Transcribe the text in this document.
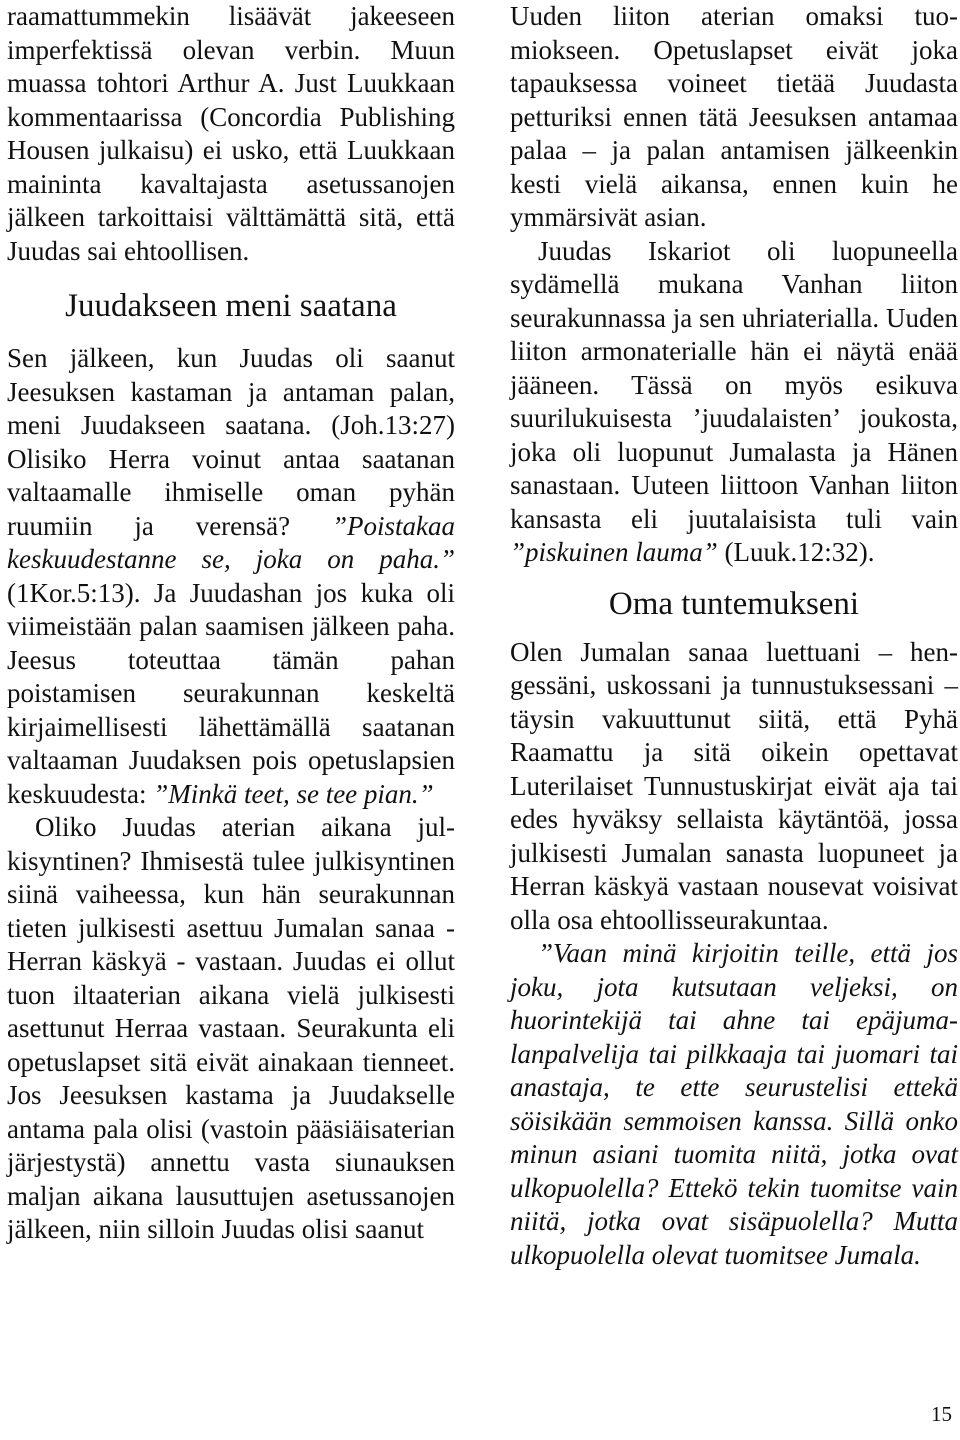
raamattummekin lisäävät jakeeseen imperfektissä olevan verbin. Muun muassa tohtori Arthur A. Just Luukkaan kommentaarissa (Concordia Publishing Housen julkaisu) ei usko, että Luukkaan maininta kavaltajasta asetussanojen jälkeen tarkoittaisi välttämättä sitä, että Juudas sai ehtoollisen.

Juudakseen meni saatana

Sen jälkeen, kun Juudas oli saanut Jeesuksen kastaman ja antaman palan, meni Juudakseen saatana. (Joh.13:27) Olisiko Herra voinut antaa saatanan valtaamalle ihmiselle oman pyhän ruumiin ja verensä? ”Poistakaa keskuudestanne se, joka on paha.” (1Kor.5:13). Ja Juudashan jos kuka oli viimeistään palan saamisen jälkeen paha. Jeesus toteuttaa tämän pahan poistamisen seurakunnan keskeltä kirjaimellisesti lähettämällä saatanan valtaaman Juudaksen pois opetuslapsien keskuudesta: ”Minkä teet, se tee pian.”

Oliko Juudas aterian aikana julkisyntinen? Ihmisestä tulee julkisyntinen siinä vaiheessa, kun hän seurakunnan tieten julkisesti asettuu Jumalan sanaa - Herran käskyä - vastaan. Juudas ei ollut tuon iltaaterian aikana vielä julkisesti asettunut Herraa vastaan. Seurakunta eli opetuslapset sitä eivät ainakaan tienneet. Jos Jeesuksen kastama ja Juudakselle antama pala olisi (vastoin pääsiäisaterian järjestystä) annettu vasta siunauksen maljan aikana lausuttujen asetussanojen jälkeen, niin silloin Juudas olisi saanut

Uuden liiton aterian omaksi tuomiokseen. Opetuslapset eivät joka tapauksessa voineet tietää Juudasta petturiksi ennen tätä Jeesuksen antamaa palaa – ja palan antamisen jälkeenkin kesti vielä aikansa, ennen kuin he ymmärsivät asian.

Juudas Iskariot oli luopuneella sydämellä mukana Vanhan liiton seurakunnassa ja sen uhriaterialla. Uuden liiton armonaterialle hän ei näytä enää jääneen. Tässä on myös esikuva suurilukuisesta ’juudalaisten’ joukosta, joka oli luopunut Jumalasta ja Hänen sanastaan. Uuteen liittoon Vanhan liiton kansasta eli juutalaisista tuli vain ”piskuinen lauma” (Luuk.12:32).

Oma tuntemukseni

Olen Jumalan sanaa luettuani – hengessäni, uskossani ja tunnustuksessani – täysin vakuuttunut siitä, että Pyhä Raamattu ja sitä oikein opettavat Luterilaiset Tunnustuskirjat eivät aja tai edes hyväksy sellaista käytäntöä, jossa julkisesti Jumalan sanasta luopuneet ja Herran käskyä vastaan nousevat voisivat olla osa ehtoollisseurakuntaa.

”Vaan minä kirjoitin teille, että jos joku, jota kutsutaan veljeksi, on huorintekijä tai ahne tai epäjumalanpalvelija tai pilkkaaja tai juomari tai anastaja, te ette seurustelisi ettekä söisikään semmoisen kanssa. Sillä onko minun asiani tuomita niitä, jotka ovat ulkopuolella? Ettekö tekin tuomitse vain niitä, jotka ovat sisäpuolella? Mutta ulkopuolella olevat tuomitsee Jumala.

15
